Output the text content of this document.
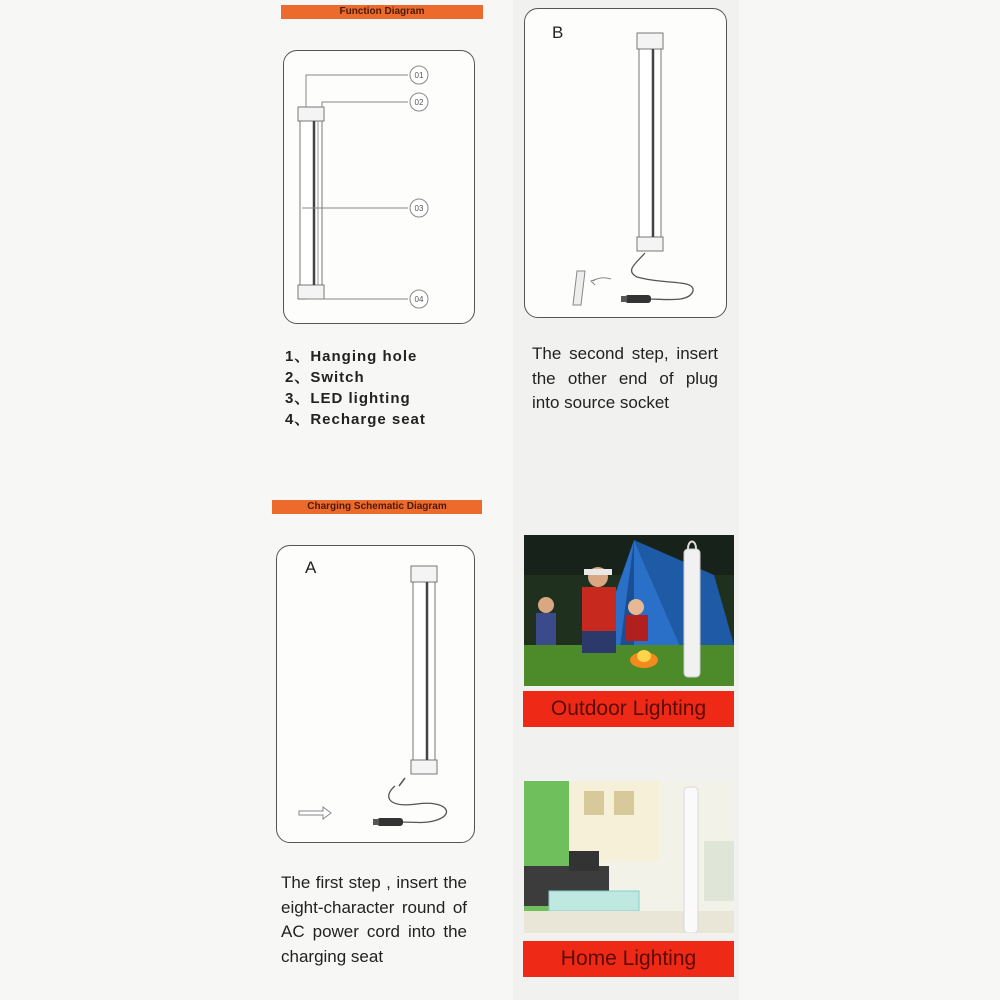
Function Diagram
01
02
03
04
1、Hanging hole
2、Switch
3、LED lighting
4、Recharge seat
B
The second step, insert the other end of plug into source socket
Charging Schematic Diagram
A
The first step , insert the eight-character round of AC power cord into the charging seat
Outdoor Lighting
Home Lighting
